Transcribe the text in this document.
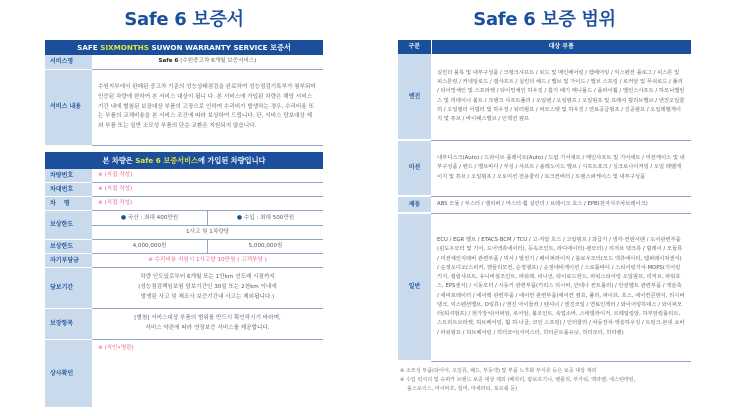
Safe 6 보증서
SAFE SIXMONTHS SUWON WARRANTY SERVICE 보증서
서비스명	Safe 6 (수원중고차 6개월 보증서비스)
서비스 내용	수원지부에서 판매된 중고차 기준의 성능상태점검을 완료하여 성능점검기록부가 첨부되어 인증된 차량에 한하여 본 서비스 대상이 됩니 다. 본 서비스에 가입된 차량은 해당 서비스 기간 내에 별첨된 보장대상 부품의 고장으로 인하여 수리비가 발생하는 경우, 수리비용 또는 부품의 교체비용을 본 서비스 조건에 따라 보상하여 드립니다. 단, 서비스 담보대상 제외 부품 또는 일반 소모성 부품의 단순 교환은 지원되지 않습니다.
본 차량은 Safe 6 보증서비스에 가입된 차량입니다
차량번호	※ (직접 작성)	
차대번호	※ (직접 작성)	
차　 명	※ (직접 작성)	
보상한도	● 국산 : 최대 400만원	● 수입 : 최대 500만원
	1사고 및 1차량당	
보상한도	4,000,000원	5,000,000원
자기부담금	※ 수리비용 지원시 1사고당 10만원 ( 고객부담 )	
담보기간	차량 인도일로부터 6개월 또는 1만km 선도래 시점까지
(성능점검책임보험 담보기간인 30일 또는 2천km 이내에
발생된 사고 및 제조사 보증기간내 사고는 제외됩니다.)	

보장항목	[별첨] 서비스대상 부품의 범위를 반드시 확인하시기 바라며,
서비스 약관에 따라 연장보증 서비스를 제공합니다.	

상사확인	※ (직인•명판)	
Safe 6 보증 범위
구분	대상 부품
엔진	실린더 블록 및 내부구성품 / 크랭크샤프트 / 로드 및 메인베어링 / 캠베어링 / 익스펜션 플로그 / 피스톤 및 피스톤링 / 커넥팅로드 / 캠샤프트 / 실린더 헤드 / 밸브 및 가이드 / 밸브 스프링 / 로커암 및 푸쉬로드 / 풀리 / 타이밍체인 및 스프라켓 / 타이밍체인 하우징 / 흡기 배기 매니폴드 / 플라이휠 / 밸런스샤프트 / 하모닉밸런스 및 리테이너 볼트 / 크랭크 샤프트풀리 / 오일팬 / 오일펌프 / 오일펌프 및 프레셔 릴리브밸브 / 엔진오일쿨러 / 오일필터 어댑터 및 하우징 / 워터펌프 / 써모스탯 및 하우징 / 연료공급펌프 / 진공펌프 / 오일레벨게이지 및 튜브 / 바이패스밸브 / 인젝션 펌프
미션	내부디스크(Auto) / 드라이브 플레이트(Auto) / 드럼 기어세트 / 메인샤프트 및 기어세트 / 미션케이스 및 내부구성품 / 밴드 / 밸브바디 / 부싱 / 샤프트 / 솔레노이드 밸브 / 시프트포크 / 싱크로나이저링 / 오일 레벨게이지 및 튜브 / 오일펌프 / 오토미션 전용쿨러 / 토크컨버터 / 트랜스퍼케이스 및 내부구성품
제동	ABS 모듈 / 부스터 / 캘리퍼 / 마스터·휠 실린더 / 브레이크 호스 / EPB(전자식주차브레이크)
일반	ECU / EGR 밸브 / ETACS·BCM / TCU / 고·저압 호스 / 고압펌프 / 과급기 / 냉각·컨덴서팬 / 도어관련부품(윈도우모터 및 기어, 도어액츄에이터), 등속조인트, 라디에이터(·팬모터) / 리저브 탱크류 / 릴레이 / 모듈류 / 미션체인지레버 관련부품 / 믹서 / 발전기 / 베이퍼라이저 / 블로우모터(모드 액츄에이터, 템퍼레이쳐센서) / 순정오디오(스피커, 핸들리모컨, 순정앰프) / 순정네비게이션 / 스로틀바디 / 스티어링기어·MDPS(기어링키지, 컬럼샤프트, 유니버셜조인트, 파워팩, 피니언, 타이로드엔드, 파워스티어링 오일펌프, 리저브, 파워호스, EPS센서) / 시동모터 / 시동키 관련부품(키리스 리시버, 안테나 컨트롤러) / 안전벨트 관련부품 / 액슬축 / 에바포레이터 / 에어백 관련부품 / 에어컨 관련부품(에어컨 컴프, 풀리, 파이프, 호스, 에어컨콘덴서, 리시버탱크, 익스펜션밸브, O링류) / 엔진 아이들러 / 텐셔너 / 엔진코일 / 연료인젝터 / 와이어링하네스 / 와이퍼모터(워셔펌프) / 현가장치(어퍼암, 로어암, 볼조인트, 쇽업소바, 스태빌라이저, 트레일링암, 하부암컴플리트, 스트러트브라켓, 허브베어링, 휠 허·너클, 코인 스프링) / 인터쿨러 / 차동장치·액슬하우징 / 트렁크·본넷 쇼바 / 파워펌프 / 허브베어링 / 히터코어(서미스터, 히터콘트롤유닛, 히터모터, 히터팬)
※ 소모성 부품(타이어, 오일류, 패드, 부동액) 및 부품 노후화 부식류 등은 보증 대상 제외
※ 수입 럭셔리 및 슈퍼카 브랜드 보증 대상 제외 (페라리, 람보르기니, 벤틀리, 부가티, 맥라렌, 애스턴마틴,
롤스로이스, 마이바흐, 험머, 마세라티, 포르쉐 등)
